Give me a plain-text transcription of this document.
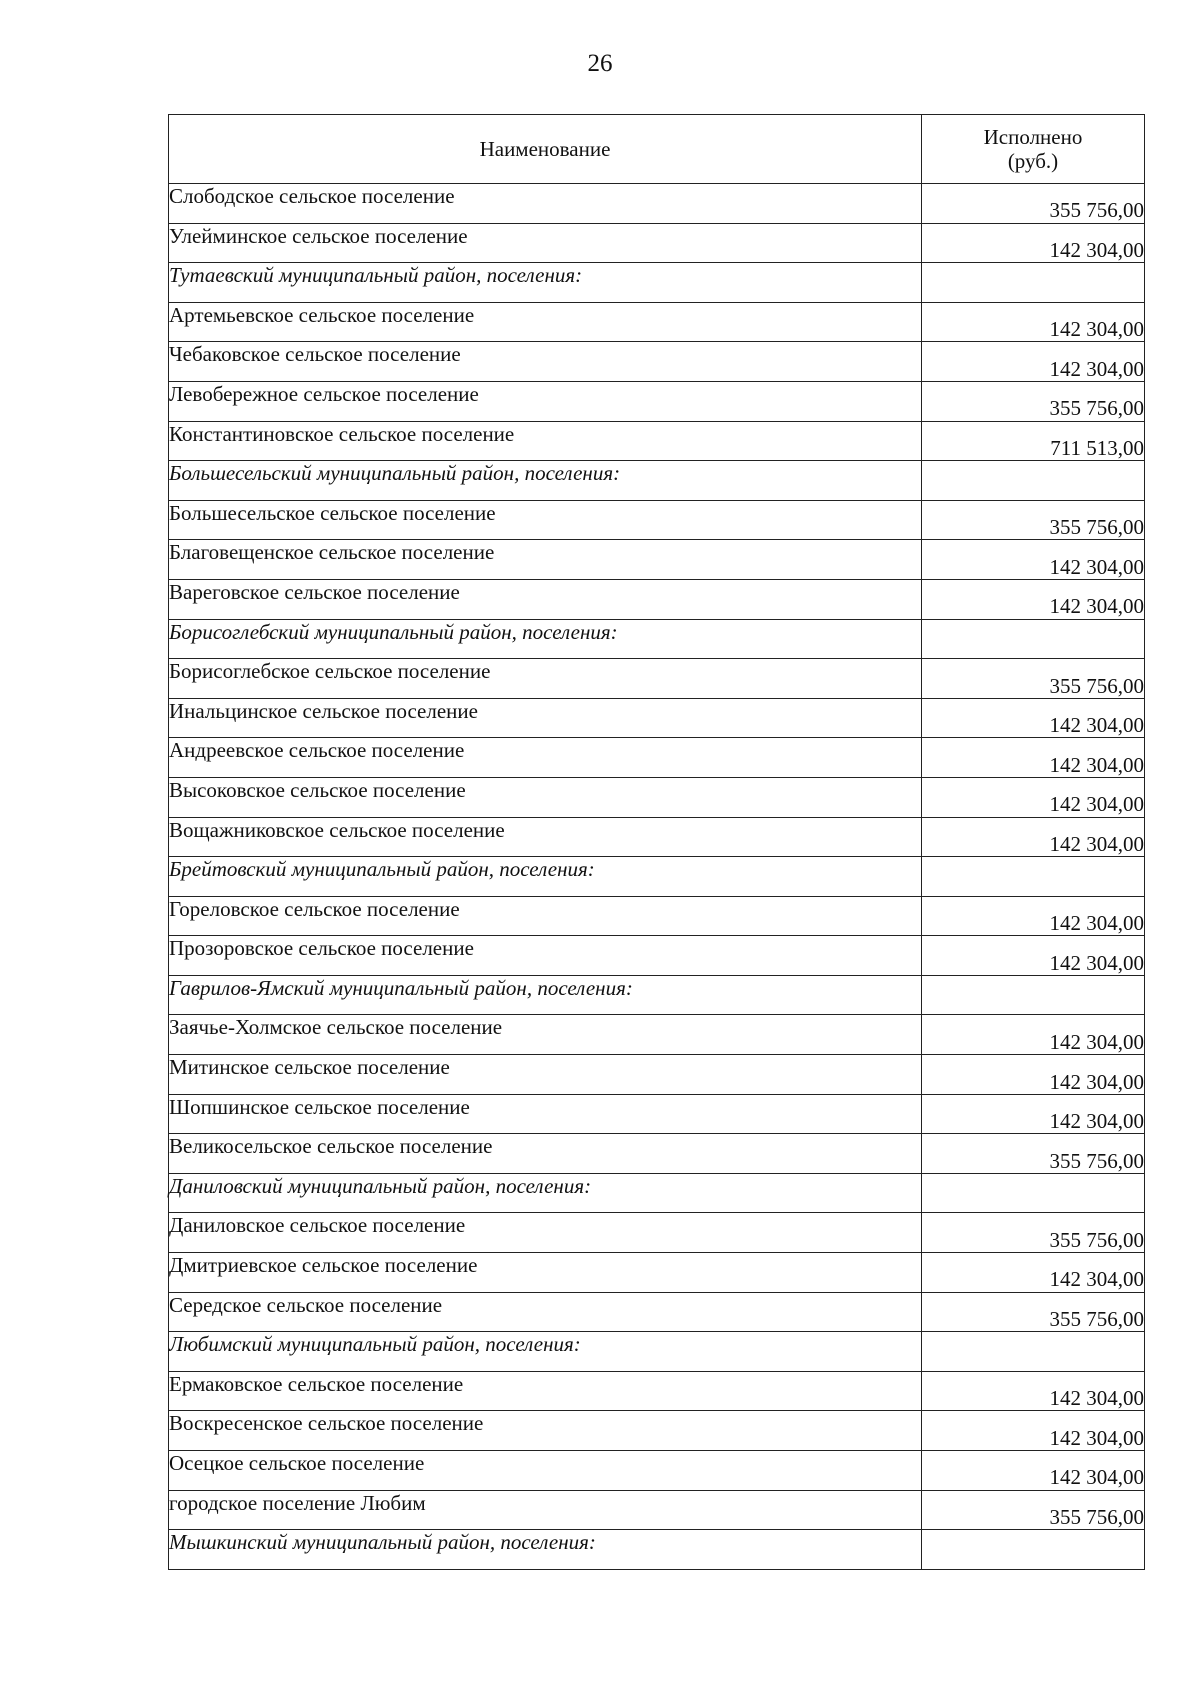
26
Наименование	Исполнено
(руб.)

Слободское сельское поселение	355 756,00
Улейминское сельское поселение	142 304,00
Тутаевский муниципальный район, поселения:	
Артемьевское сельское поселение	142 304,00
Чебаковское сельское поселение	142 304,00
Левобережное сельское поселение	355 756,00
Константиновское сельское поселение	711 513,00
Большесельский муниципальный район, поселения:	
Большесельское сельское поселение	355 756,00
Благовещенское сельское поселение	142 304,00
Вареговское сельское поселение	142 304,00
Борисоглебский муниципальный район, поселения:	
Борисоглебское сельское поселение	355 756,00
Инальцинское сельское поселение	142 304,00
Андреевское сельское поселение	142 304,00
Высоковское сельское поселение	142 304,00
Вощажниковское сельское поселение	142 304,00
Брейтовский муниципальный район, поселения:	
Гореловское сельское поселение	142 304,00
Прозоровское сельское поселение	142 304,00
Гаврилов-Ямский муниципальный район, поселения:	
Заячье-Холмское сельское поселение	142 304,00
Митинское сельское поселение	142 304,00
Шопшинское сельское поселение	142 304,00
Великосельское сельское поселение	355 756,00
Даниловский муниципальный район, поселения:	
Даниловское сельское поселение	355 756,00
Дмитриевское сельское поселение	142 304,00
Середское сельское поселение	355 756,00
Любимский муниципальный район, поселения:	
Ермаковское сельское поселение	142 304,00
Воскресенское сельское поселение	142 304,00
Осецкое сельское поселение	142 304,00
городское поселение Любим	355 756,00
Мышкинский муниципальный район, поселения:	
